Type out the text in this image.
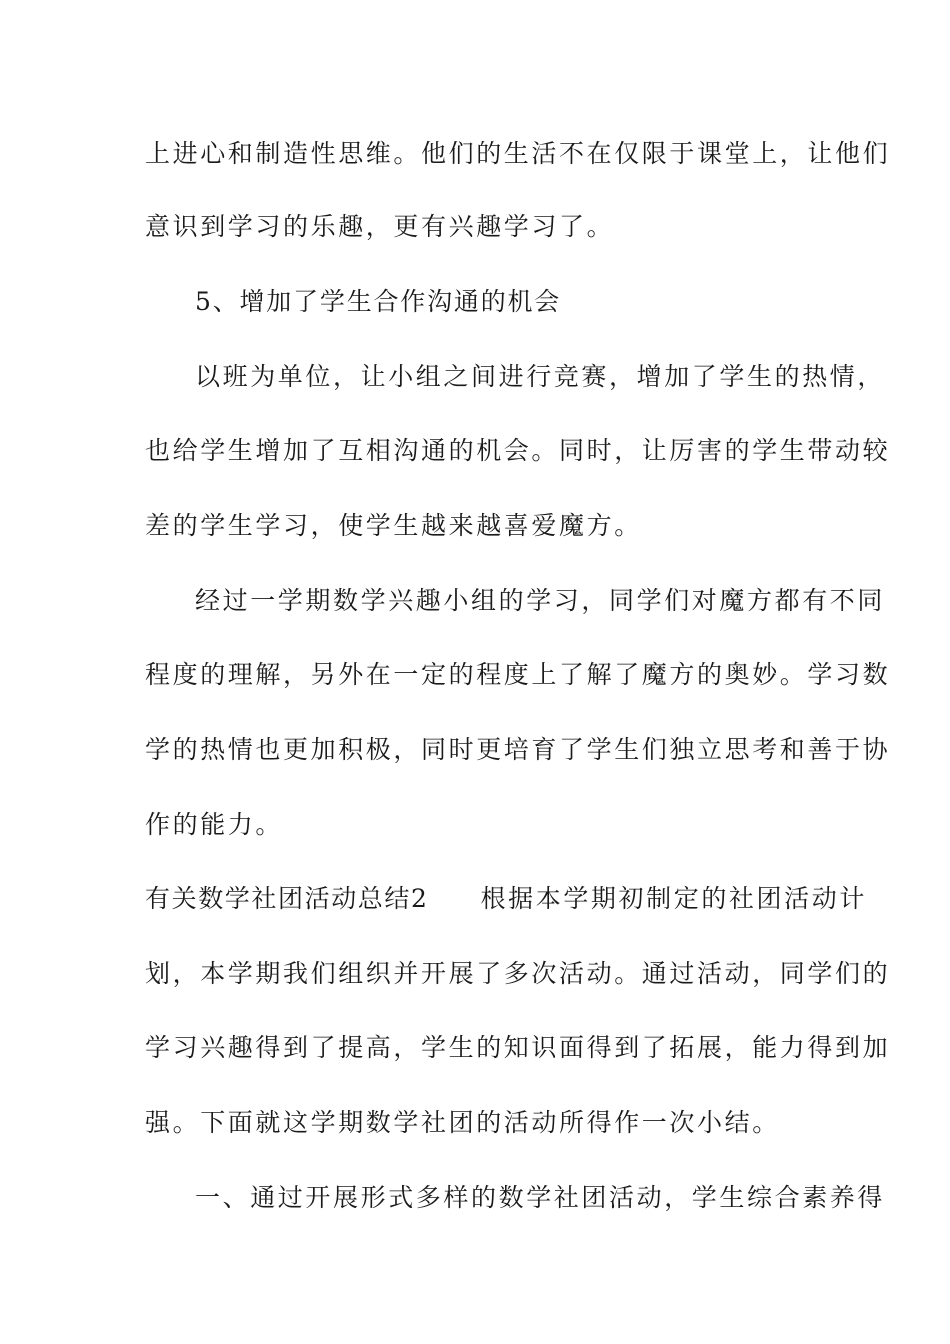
上进心和制造性思维。他们的生活不在仅限于课堂上，让他们
意识到学习的乐趣，更有兴趣学习了。
5、增加了学生合作沟通的机会
以班为单位，让小组之间进行竞赛，增加了学生的热情，
也给学生增加了互相沟通的机会。同时，让厉害的学生带动较
差的学生学习，使学生越来越喜爱魔方。
经过一学期数学兴趣小组的学习，同学们对魔方都有不同
程度的理解，另外在一定的程度上了解了魔方的奥妙。学习数
学的热情也更加积极，同时更培育了学生们独立思考和善于协
作的能力。
有关数学社团活动总结2 根据本学期初制定的社团活动计
划，本学期我们组织并开展了多次活动。通过活动，同学们的
学习兴趣得到了提高，学生的知识面得到了拓展，能力得到加
强。下面就这学期数学社团的活动所得作一次小结。
一、通过开展形式多样的数学社团活动，学生综合素养得
